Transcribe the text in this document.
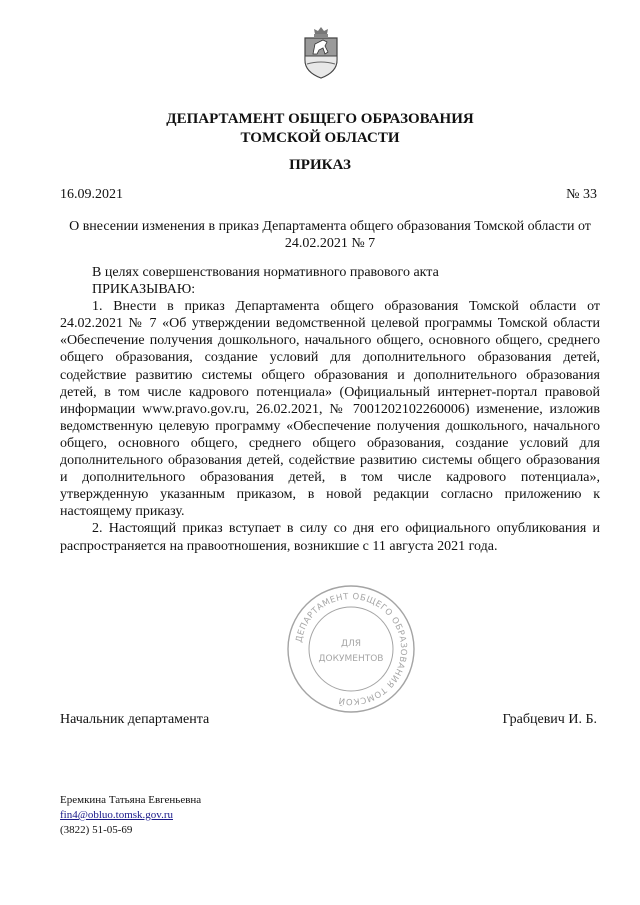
ДЕПАРТАМЕНТ ОБЩЕГО ОБРАЗОВАНИЯ
ТОМСКОЙ ОБЛАСТИ
ПРИКАЗ
16.09.2021	№ 33
О внесении изменения в приказ Департамента общего образования Томской области от 24.02.2021 № 7

В целях совершенствования нормативного правового акта

ПРИКАЗЫВАЮ:

1. Внести в приказ Департамента общего образования Томской области от 24.02.2021 № 7 «Об утверждении ведомственной целевой программы Томской области «Обеспечение получения дошкольного, начального общего, основного общего, среднего общего образования, создание условий для дополнительного образования детей, содействие развитию системы общего образования и дополнительного образования детей, в том числе кадрового потенциала» (Официальный интернет-портал правовой информации www.pravo.gov.ru, 26.02.2021, № 7001202102260006) изменение, изложив ведомственную целевую программу «Обеспечение получения дошкольного, начального общего, основного общего, среднего общего образования, создание условий для дополнительного образования детей, содействие развитию системы общего образования и дополнительного образования детей, в том числе кадрового потенциала», утвержденную указанным приказом, в новой редакции согласно приложению к настоящему приказу.

2. Настоящий приказ вступает в силу со дня его официального опубликования и распространяется на правоотношения, возникшие с 11 августа 2021 года.

ДЕПАРТАМЕНТ ОБЩЕГО ОБРАЗОВАНИЯ ТОМСКОЙ
ДЛЯ
ДОКУМЕНТОВ
Начальник департамента	Грабцевич И. Б.
Еремкина Татьяна Евгеньевна
fin4@obluo.tomsk.gov.ru
(3822) 51-05-69
